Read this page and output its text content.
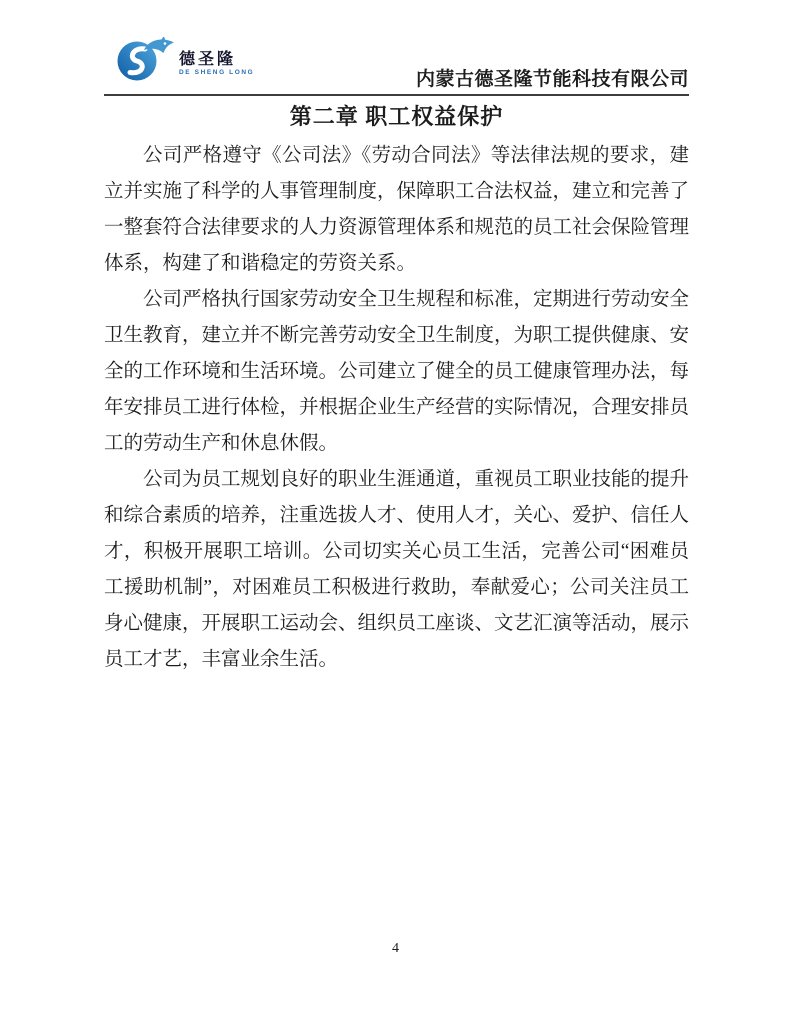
德圣隆
DE SHENG LONG	内蒙古德圣隆节能科技有限公司
第二章 职工权益保护

公司严格遵守《公司法》《劳动合同法》等法律法规的要求，建立并实施了科学的人事管理制度，保障职工合法权益，建立和完善了一整套符合法律要求的人力资源管理体系和规范的员工社会保险管理体系，构建了和谐稳定的劳资关系。

公司严格执行国家劳动安全卫生规程和标准，定期进行劳动安全卫生教育，建立并不断完善劳动安全卫生制度，为职工提供健康、安全的工作环境和生活环境。公司建立了健全的员工健康管理办法，每年安排员工进行体检，并根据企业生产经营的实际情况，合理安排员工的劳动生产和休息休假。

公司为员工规划良好的职业生涯通道，重视员工职业技能的提升和综合素质的培养，注重选拔人才、使用人才，关心、爱护、信任人才，积极开展职工培训。公司切实关心员工生活，完善公司“困难员工援助机制”，对困难员工积极进行救助，奉献爱心；公司关注员工身心健康，开展职工运动会、组织员工座谈、文艺汇演等活动，展示员工才艺，丰富业余生活。

4
